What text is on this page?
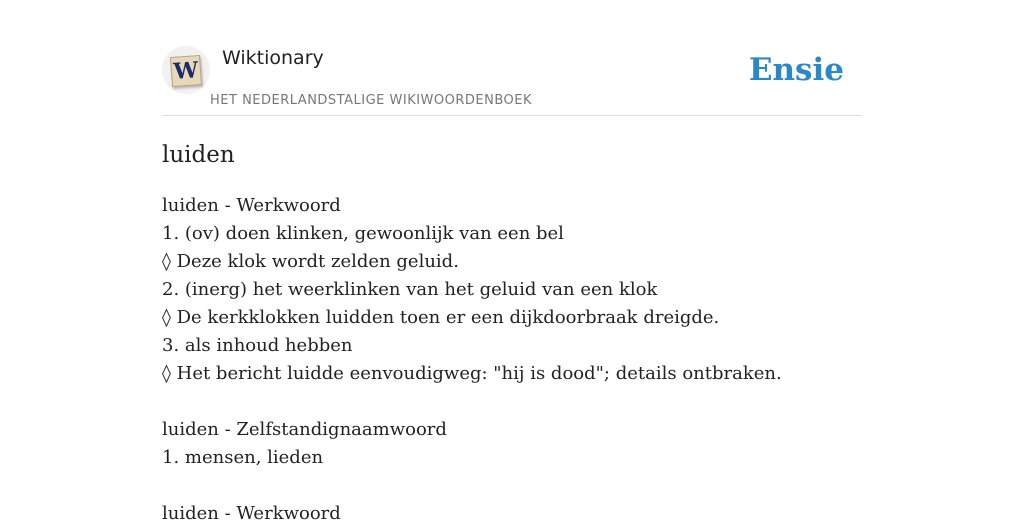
W Wiktionary
HET NEDERLANDSTALIGE WIKIWOORDENBOEK
Ensie
luiden
luiden - Werkwoord
1. (ov) doen klinken, gewoonlijk van een bel
◊ Deze klok wordt zelden geluid.
2. (inerg) het weerklinken van het geluid van een klok
◊ De kerkklokken luidden toen er een dijkdoorbraak dreigde.
3. als inhoud hebben
◊ Het bericht luidde eenvoudigweg: "hij is dood"; details ontbraken.
luiden - Zelfstandignaamwoord
1. mensen, lieden
luiden - Werkwoord
